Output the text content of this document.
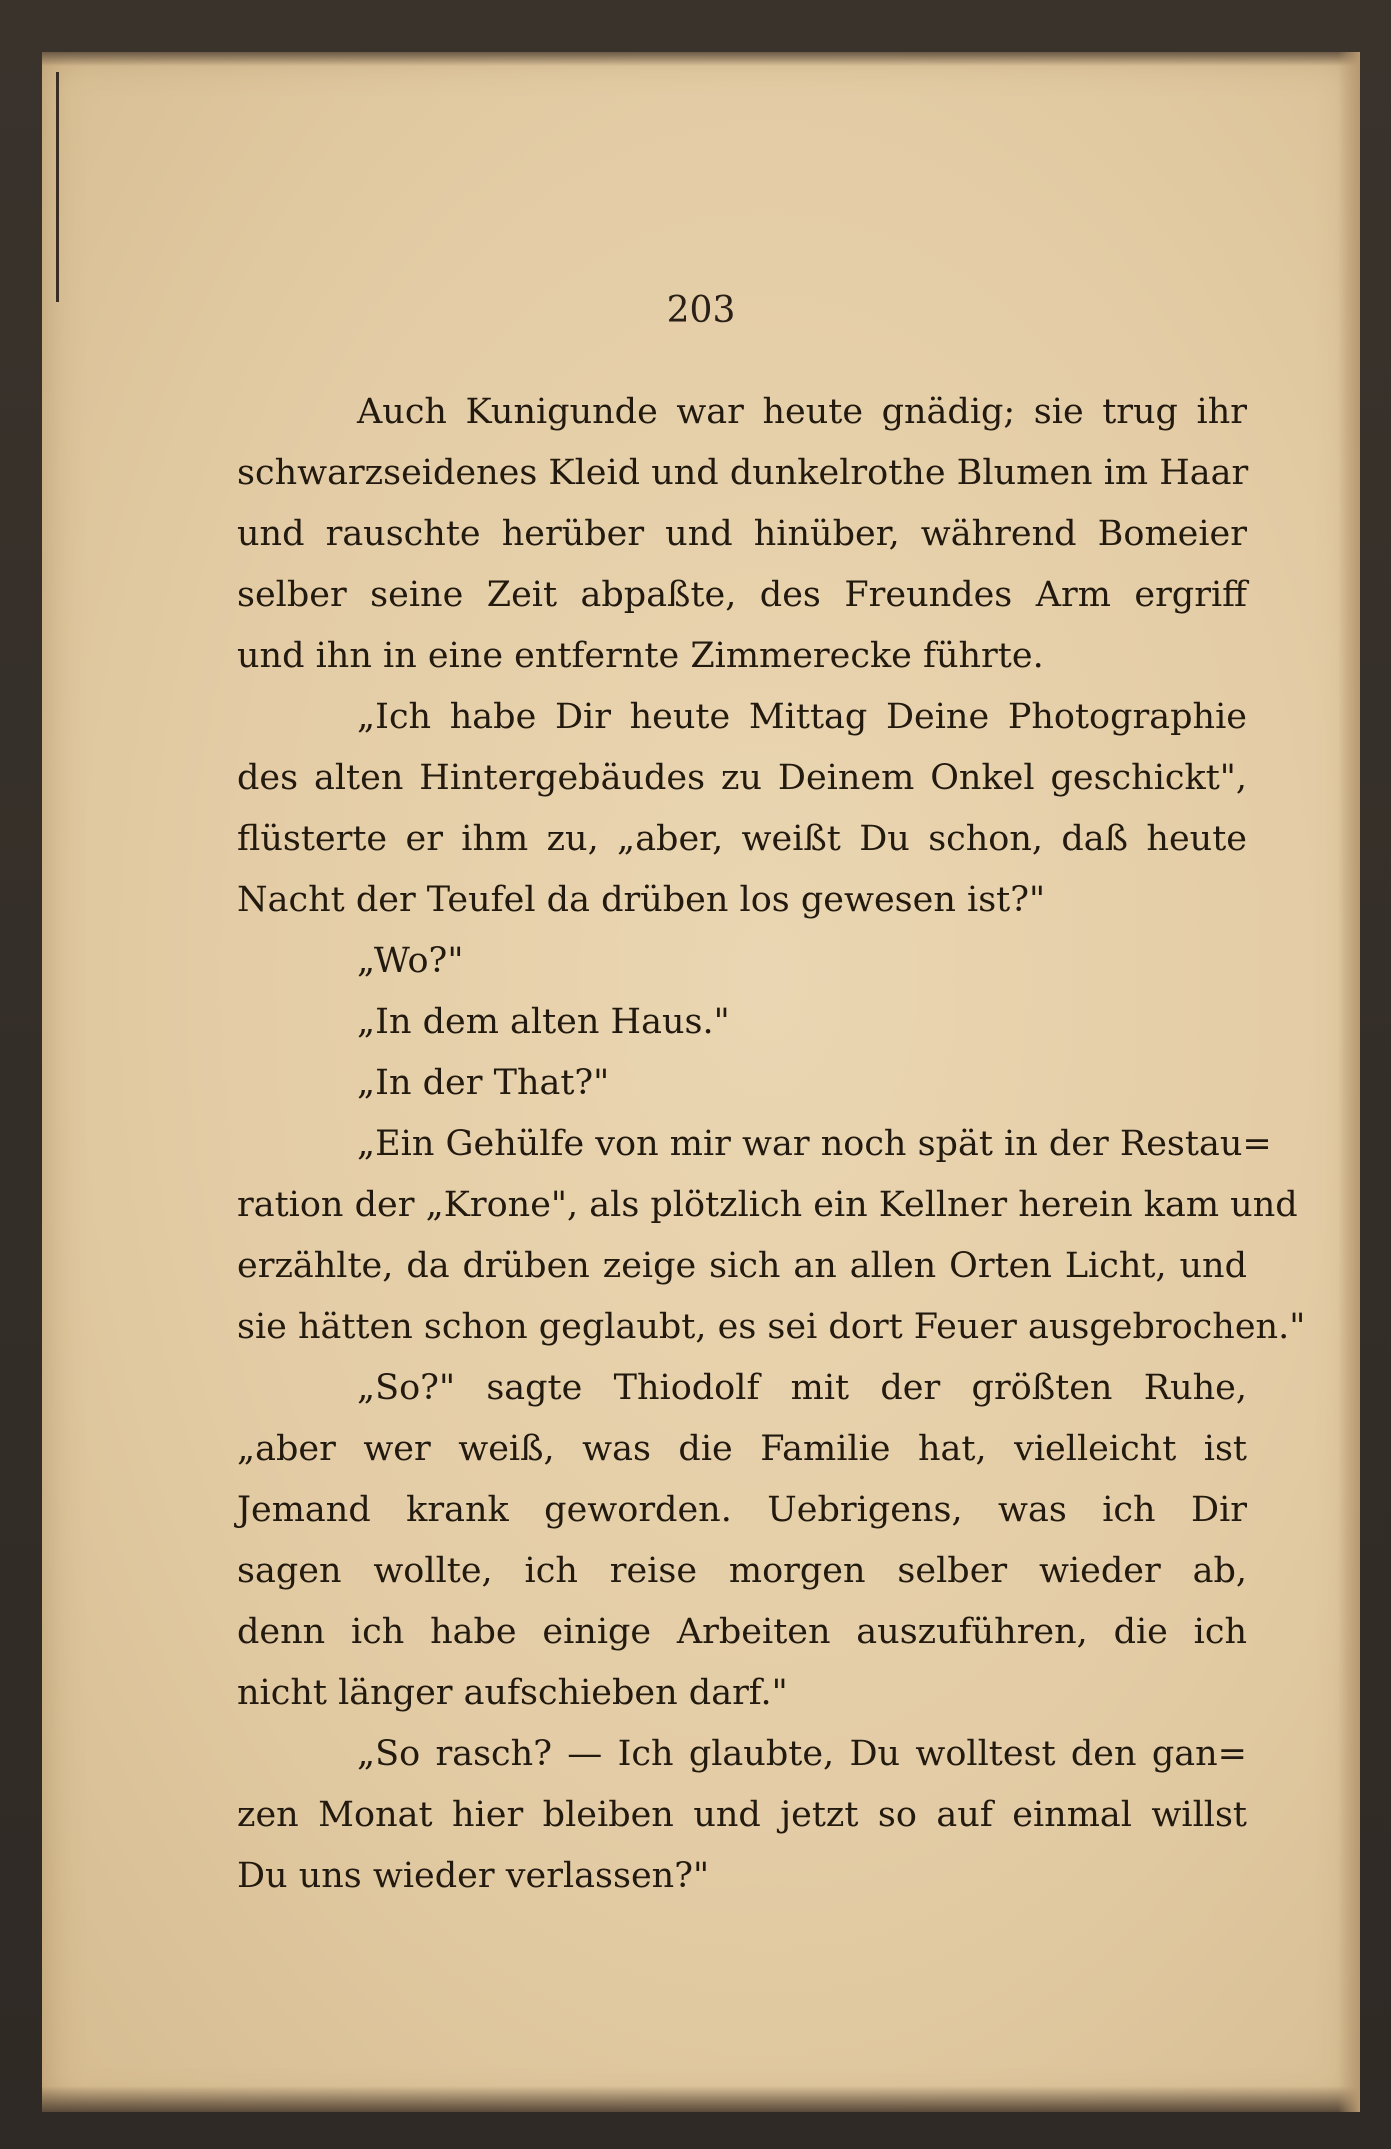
203
Auch Kunigunde war heute gnädig; sie trug ihr
schwarzseidenes Kleid und dunkelrothe Blumen im Haar
und rauschte herüber und hinüber, während Bomeier
selber seine Zeit abpaßte, des Freundes Arm ergriff
und ihn in eine entfernte Zimmerecke führte.
„Ich habe Dir heute Mittag Deine Photographie
des alten Hintergebäudes zu Deinem Onkel geschickt",
flüsterte er ihm zu, „aber, weißt Du schon, daß heute
Nacht der Teufel da drüben los gewesen ist?"
„Wo?"
„In dem alten Haus."
„In der That?"
„Ein Gehülfe von mir war noch spät in der Restau=
ration der „Krone", als plötzlich ein Kellner herein kam und
erzählte, da drüben zeige sich an allen Orten Licht, und
sie hätten schon geglaubt, es sei dort Feuer ausgebrochen."
„So?" sagte Thiodolf mit der größten Ruhe,
„aber wer weiß, was die Familie hat, vielleicht ist
Jemand krank geworden. Uebrigens, was ich Dir
sagen wollte, ich reise morgen selber wieder ab,
denn ich habe einige Arbeiten auszuführen, die ich
nicht länger aufschieben darf."
„So rasch? — Ich glaubte, Du wolltest den gan=
zen Monat hier bleiben und jetzt so auf einmal willst
Du uns wieder verlassen?"
